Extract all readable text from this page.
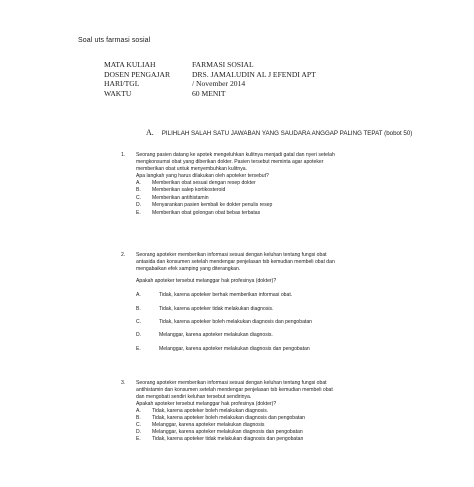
Soal uts farmasi sosial
MATA KULIAH	FARMASI SOSIAL
DOSEN PENGAJAR	DRS. JAMALUDIN AL J EFENDI APT
HARI/TGL	/ November 2014
WAKTU	60 MENIT
A. PILIHLAH SALAH SATU JAWABAN YANG SAUDARA ANGGAP PALING TEPAT (bobot 50)
1. Seorang pasien datang ke apotek mengeluhkan kulitnya menjadi gatal dan nyeri setelah
mengkonsumsi obat yang diberikan dokter. Pasien tersebut meminta agar apoteker
memberikan obat untuk menyembuhkan kulitnya.
Apa langkah yang harus dilakukan oleh apoteker tersebut?
A. Memberikan obat sesuai dengan resep dokter
B. Memberikan salep kortikosteroid
C. Memberikan antihistamin
D. Menyarankan pasien kembali ke dokter penulis resep
E. Memberikan obat golongan obat bebas terbatas
2. Seorang apoteker memberikan informasi sesuai dengan keluhan tentang fungsi obat
antasida dan konsumen setelah mendengar penjelasan tsb kemudian membeli obat dan
mengabaikan efek samping yang diterangkan.
Apakah apoteker tersebut melanggar hak profesinya (dokter)?
A.	Tidak, karena apoteker berhak memberikan informasi obat.
B.	Tidak, karena apoteker tidak melakukan diagnosis.
C.	Tidak, karena apoteker boleh melakukan diagnosis dan pengobatan
D.	Melanggar, karena apoteker melakukan diagnosis.
E.	Melanggar, karena apoteker melakukan diagnosis dan pengobatan
3. Seorang apoteker memberikan informasi sesuai dengan keluhan tentang fungsi obat
antihistamin dan konsumen setelah mendengar penjelasan tsb kemudian membeli obat
dan mengobati sendiri keluhan tersebut sendirinya.
Apakah apoteker tersebut melanggar hak profesinya (dokter)?
A. Tidak, karena apoteker boleh melakukan diagnosis.
B. Tidak, karena apoteker boleh melakukan diagnosis dan pengobatan
C. Melanggar, karena apoteker melakukan diagnosis
D. Melanggar, karena apoteker melakukan diagnosis dan pengobatan
E. Tidak, karena apoteker tidak melakukan diagnosis dan pengobatan
